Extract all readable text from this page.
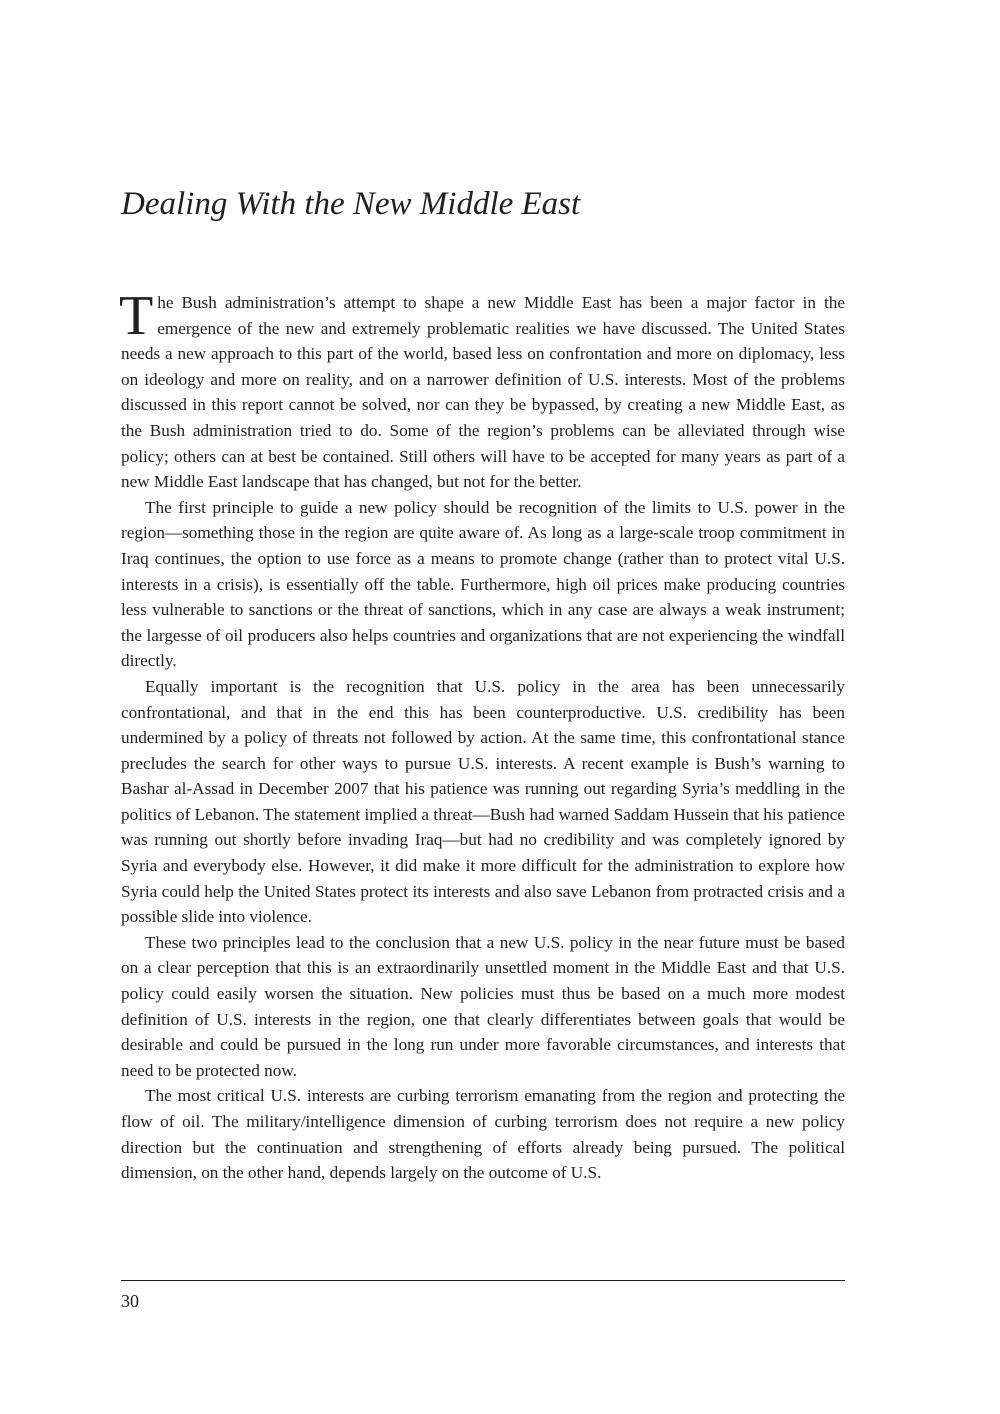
Dealing With the New Middle East

The Bush administration’s attempt to shape a new Middle East has been a major factor in the emergence of the new and extremely problematic realities we have discussed. The United States needs a new approach to this part of the world, based less on confrontation and more on diplomacy, less on ideology and more on reality, and on a narrower definition of U.S. interests. Most of the problems discussed in this report cannot be solved, nor can they be bypassed, by creating a new Middle East, as the Bush administration tried to do. Some of the region’s problems can be alleviated through wise policy; others can at best be contained. Still others will have to be accepted for many years as part of a new Middle East landscape that has changed, but not for the better.

The first principle to guide a new policy should be recognition of the limits to U.S. power in the region—something those in the region are quite aware of. As long as a large-scale troop commitment in Iraq continues, the option to use force as a means to promote change (rather than to protect vital U.S. interests in a crisis), is essentially off the table. Furthermore, high oil prices make producing countries less vulnerable to sanctions or the threat of sanctions, which in any case are always a weak instrument; the largesse of oil producers also helps countries and organizations that are not experiencing the windfall directly.

Equally important is the recognition that U.S. policy in the area has been unnecessarily confrontational, and that in the end this has been counterproductive. U.S. credibility has been undermined by a policy of threats not followed by action. At the same time, this confrontational stance precludes the search for other ways to pursue U.S. interests. A recent example is Bush’s warning to Bashar al-Assad in December 2007 that his patience was running out regarding Syria’s meddling in the politics of Lebanon. The statement implied a threat—Bush had warned Saddam Hussein that his patience was running out shortly before invading Iraq—but had no credibility and was completely ignored by Syria and everybody else. However, it did make it more difficult for the administration to explore how Syria could help the United States protect its interests and also save Lebanon from protracted crisis and a possible slide into violence.

These two principles lead to the conclusion that a new U.S. policy in the near future must be based on a clear perception that this is an extraordinarily unsettled moment in the Middle East and that U.S. policy could easily worsen the situation. New policies must thus be based on a much more modest definition of U.S. interests in the region, one that clearly differentiates between goals that would be desirable and could be pursued in the long run under more favorable circumstances, and interests that need to be protected now.

The most critical U.S. interests are curbing terrorism emanating from the region and protecting the flow of oil. The military/intelligence dimension of curbing terrorism does not require a new policy direction but the continuation and strengthening of efforts already being pursued. The political dimension, on the other hand, depends largely on the outcome of U.S.

30
